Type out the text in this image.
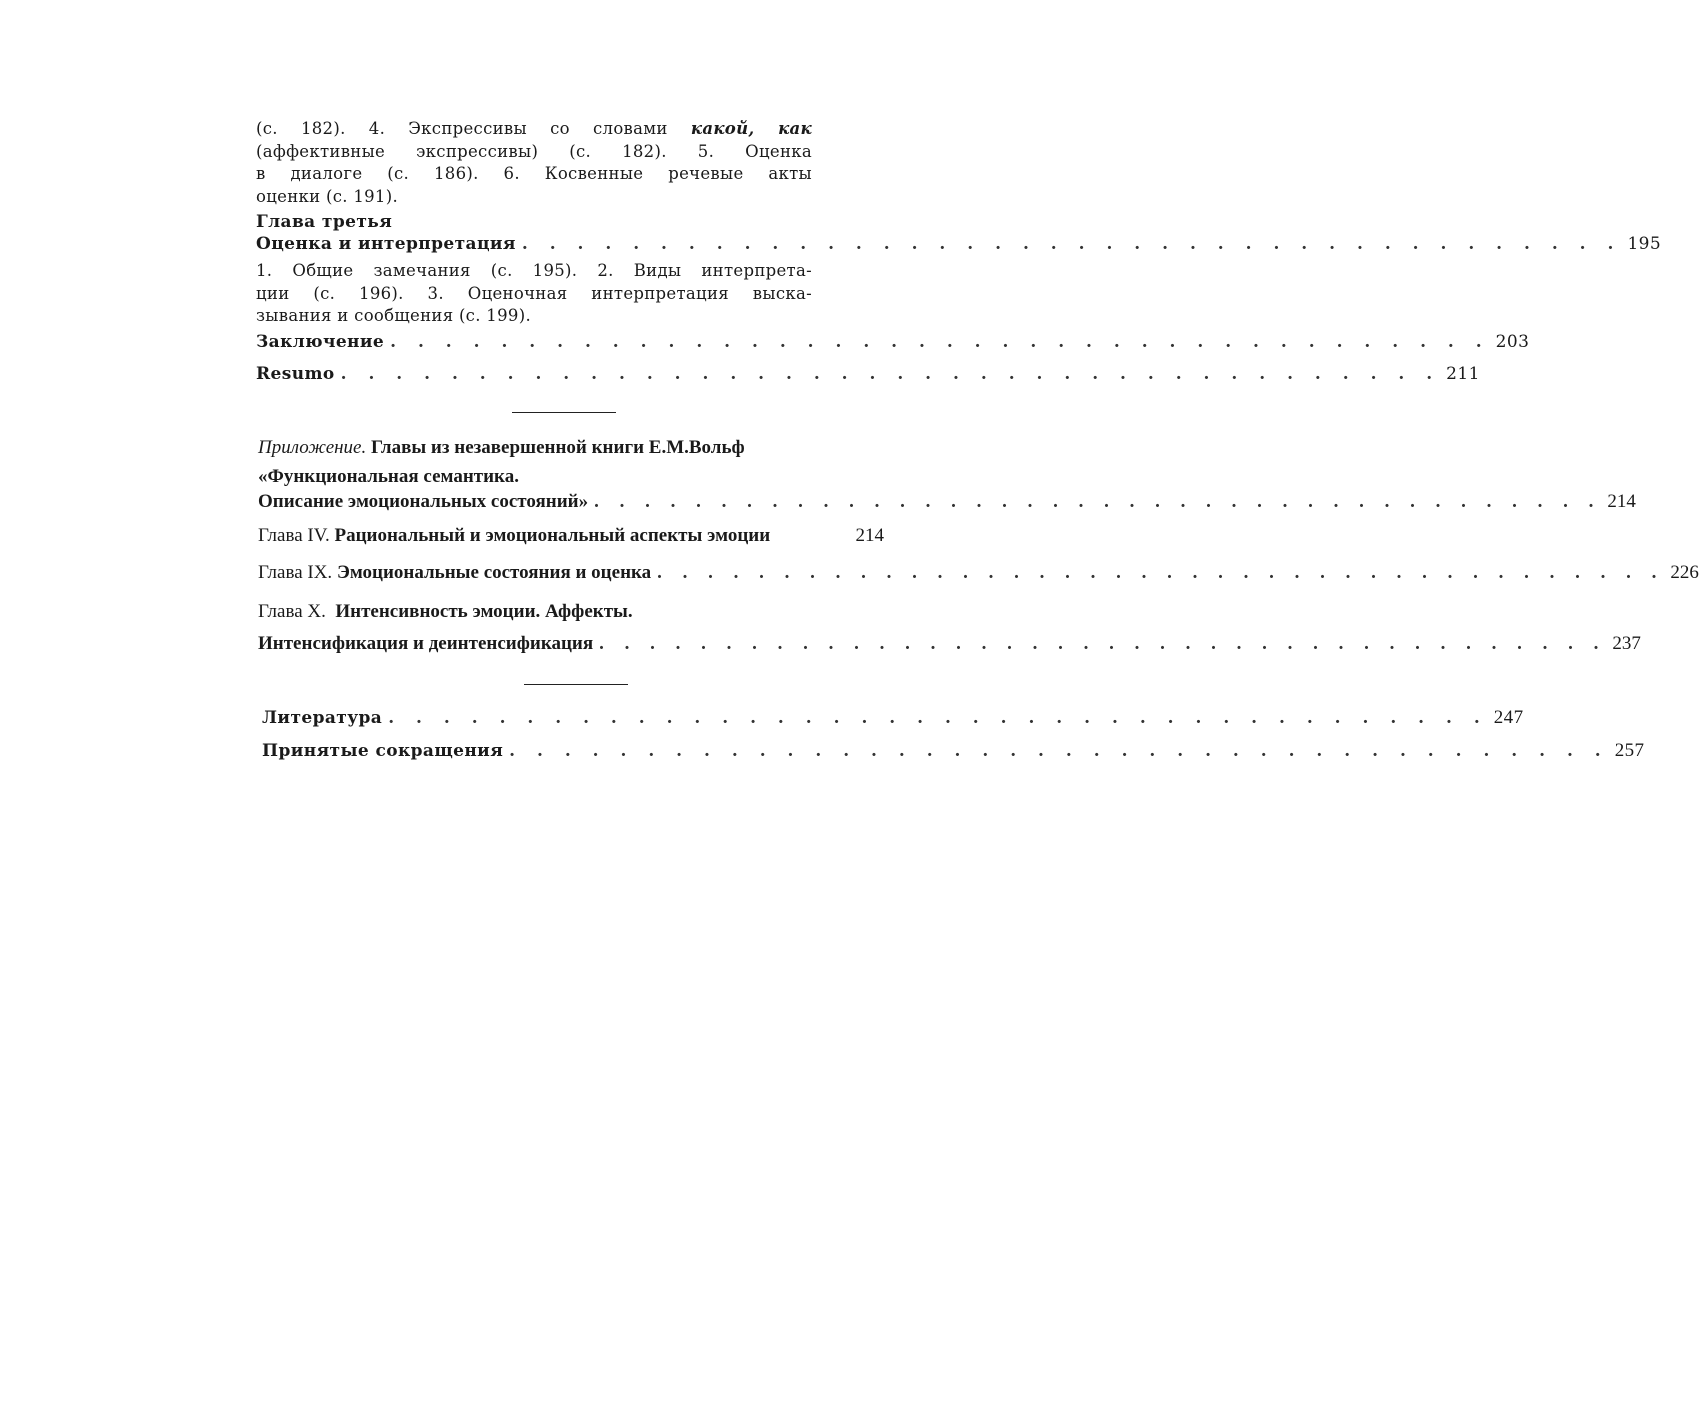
(с. 182). 4. Экспрессивы со словами какой, как
(аффективные экспрессивы) (с. 182). 5. Оценка
в диалоге (с. 186). 6. Косвенные речевые акты
оценки (с. 191).
Глава третья
Оценка и интерпретация . . . . . . . . . . . . . . . . . . . . . . . . . . . . . . . . . . . . . . . . 195
1. Общие замечания (с. 195). 2. Виды интерпрета-
ции (с. 196). 3. Оценочная интерпретация выска-
зывания и сообщения (с. 199).
Заключение . . . . . . . . . . . . . . . . . . . . . . . . . . . . . . . . . . . . . . . . 203
Resumo . . . . . . . . . . . . . . . . . . . . . . . . . . . . . . . . . . . . . . . . 211
Приложение. Главы из незавершенной книги Е.М.Вольф
«Функциональная семантика.
Описание эмоциональных состояний» . . . . . . . . . . . . . . . . . . . . . . . . . . . . . . . . . . . . . . . . 214
Глава IV.
Рациональный и эмоциональный аспекты эмоции	214
Глава IX.
Эмоциональные состояния и оценка . . . . . . . . . . . . . . . . . . . . . . . . . . . . . . . . . . . . . . . . 226
Глава X.
Интенсивность эмоции. Аффекты.
Интенсификация и деинтенсификация . . . . . . . . . . . . . . . . . . . . . . . . . . . . . . . . . . . . . . . . 237
Литература . . . . . . . . . . . . . . . . . . . . . . . . . . . . . . . . . . . . . . . . 247
Принятые сокращения . . . . . . . . . . . . . . . . . . . . . . . . . . . . . . . . . . . . . . . . 257
